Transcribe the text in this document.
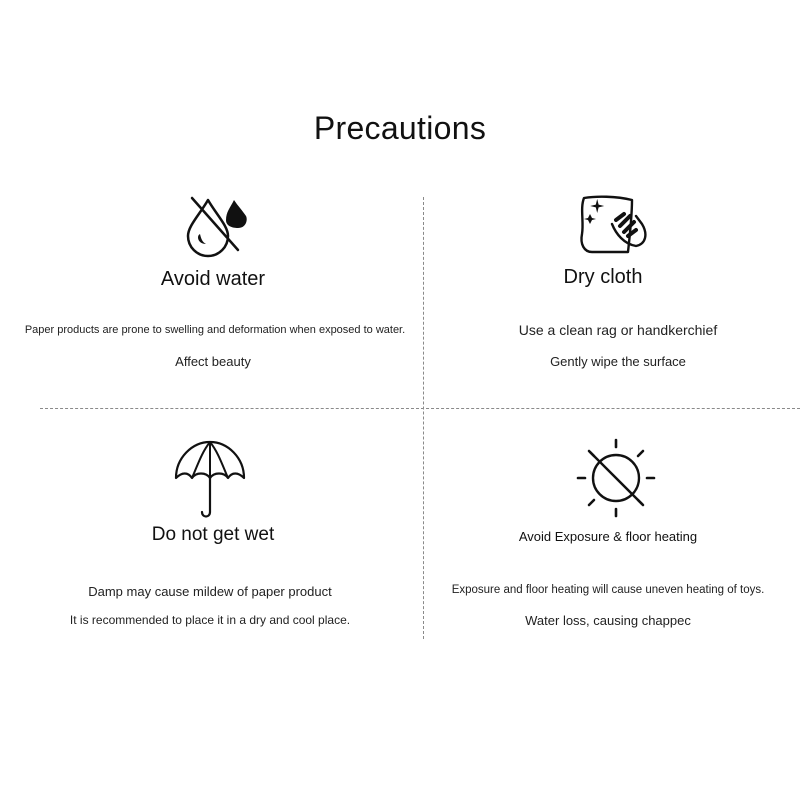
Precautions
Avoid water
Paper products are prone to swelling and deformation when exposed to water.
Affect beauty
Dry cloth
Use a clean rag or handkerchief
Gently wipe the surface
Do not get wet
Damp may cause mildew of paper product
It is recommended to place it in a dry and cool place.
Avoid Exposure & floor heating
Exposure and floor heating will cause uneven heating of toys.
Water loss, causing chappec
